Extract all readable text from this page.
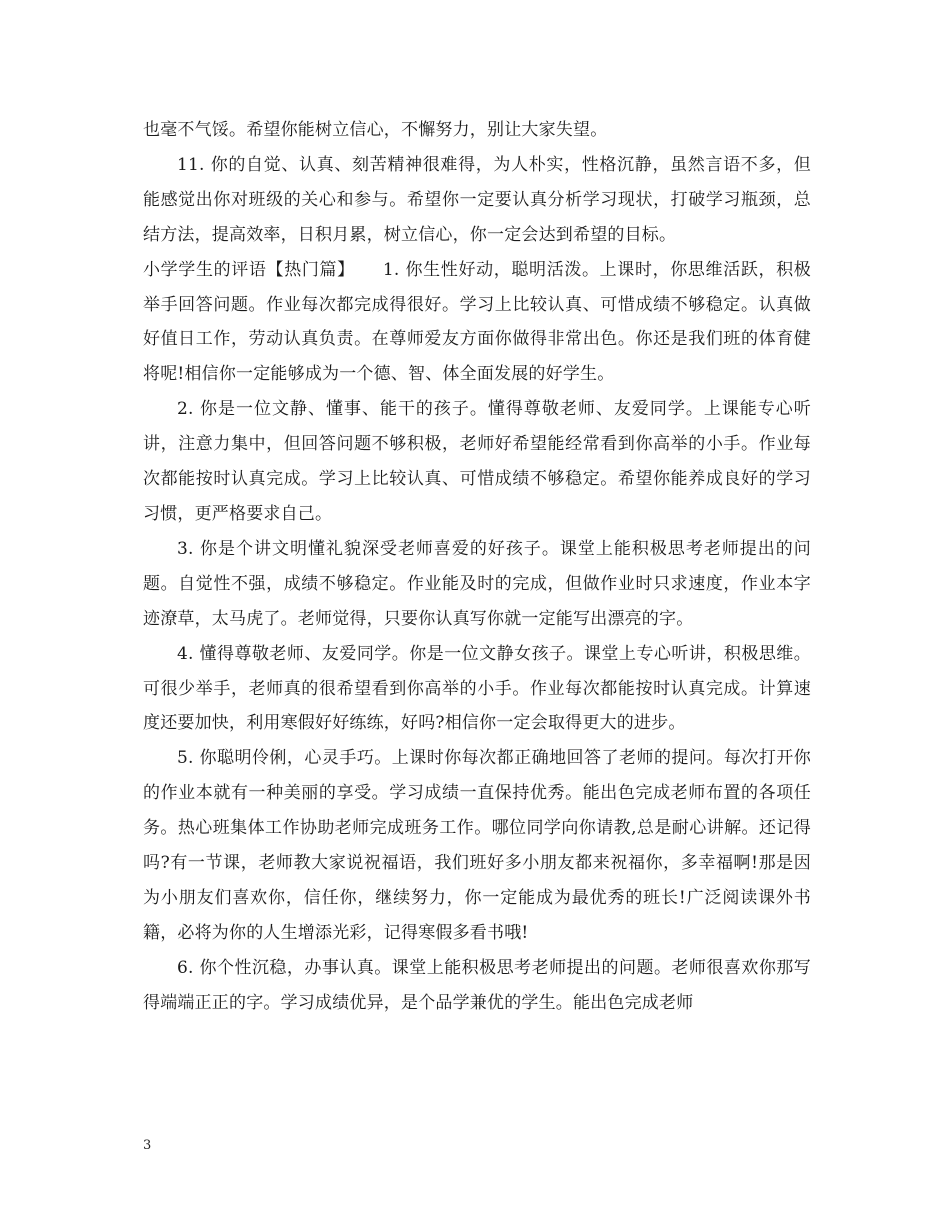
也毫不气馁。希望你能树立信心，不懈努力，别让大家失望。

11. 你的自觉、认真、刻苦精神很难得，为人朴实，性格沉静，虽然言语不多，但能感觉出你对班级的关心和参与。希望你一定要认真分析学习现状，打破学习瓶颈，总结方法，提高效率，日积月累，树立信心，你一定会达到希望的目标。

小学学生的评语【热门篇】 1. 你生性好动，聪明活泼。上课时，你思维活跃，积极举手回答问题。作业每次都完成得很好。学习上比较认真、可惜成绩不够稳定。认真做好值日工作，劳动认真负责。在尊师爱友方面你做得非常出色。你还是我们班的体育健将呢!相信你一定能够成为一个德、智、体全面发展的好学生。

2. 你是一位文静、懂事、能干的孩子。懂得尊敬老师、友爱同学。上课能专心听讲，注意力集中，但回答问题不够积极，老师好希望能经常看到你高举的小手。作业每次都能按时认真完成。学习上比较认真、可惜成绩不够稳定。希望你能养成良好的学习习惯，更严格要求自己。

3. 你是个讲文明懂礼貌深受老师喜爱的好孩子。课堂上能积极思考老师提出的问题。自觉性不强，成绩不够稳定。作业能及时的完成，但做作业时只求速度，作业本字迹潦草，太马虎了。老师觉得，只要你认真写你就一定能写出漂亮的字。

4. 懂得尊敬老师、友爱同学。你是一位文静女孩子。课堂上专心听讲，积极思维。可很少举手，老师真的很希望看到你高举的小手。作业每次都能按时认真完成。计算速度还要加快，利用寒假好好练练，好吗?相信你一定会取得更大的进步。

5. 你聪明伶俐，心灵手巧。上课时你每次都正确地回答了老师的提问。每次打开你的作业本就有一种美丽的享受。学习成绩一直保持优秀。能出色完成老师布置的各项任务。热心班集体工作协助老师完成班务工作。哪位同学向你请教,总是耐心讲解。还记得吗?有一节课，老师教大家说祝福语，我们班好多小朋友都来祝福你，多幸福啊!那是因为小朋友们喜欢你，信任你，继续努力，你一定能成为最优秀的班长!广泛阅读课外书籍，必将为你的人生增添光彩，记得寒假多看书哦!

6. 你个性沉稳，办事认真。课堂上能积极思考老师提出的问题。老师很喜欢你那写得端端正正的字。学习成绩优异，是个品学兼优的学生。能出色完成老师

3
